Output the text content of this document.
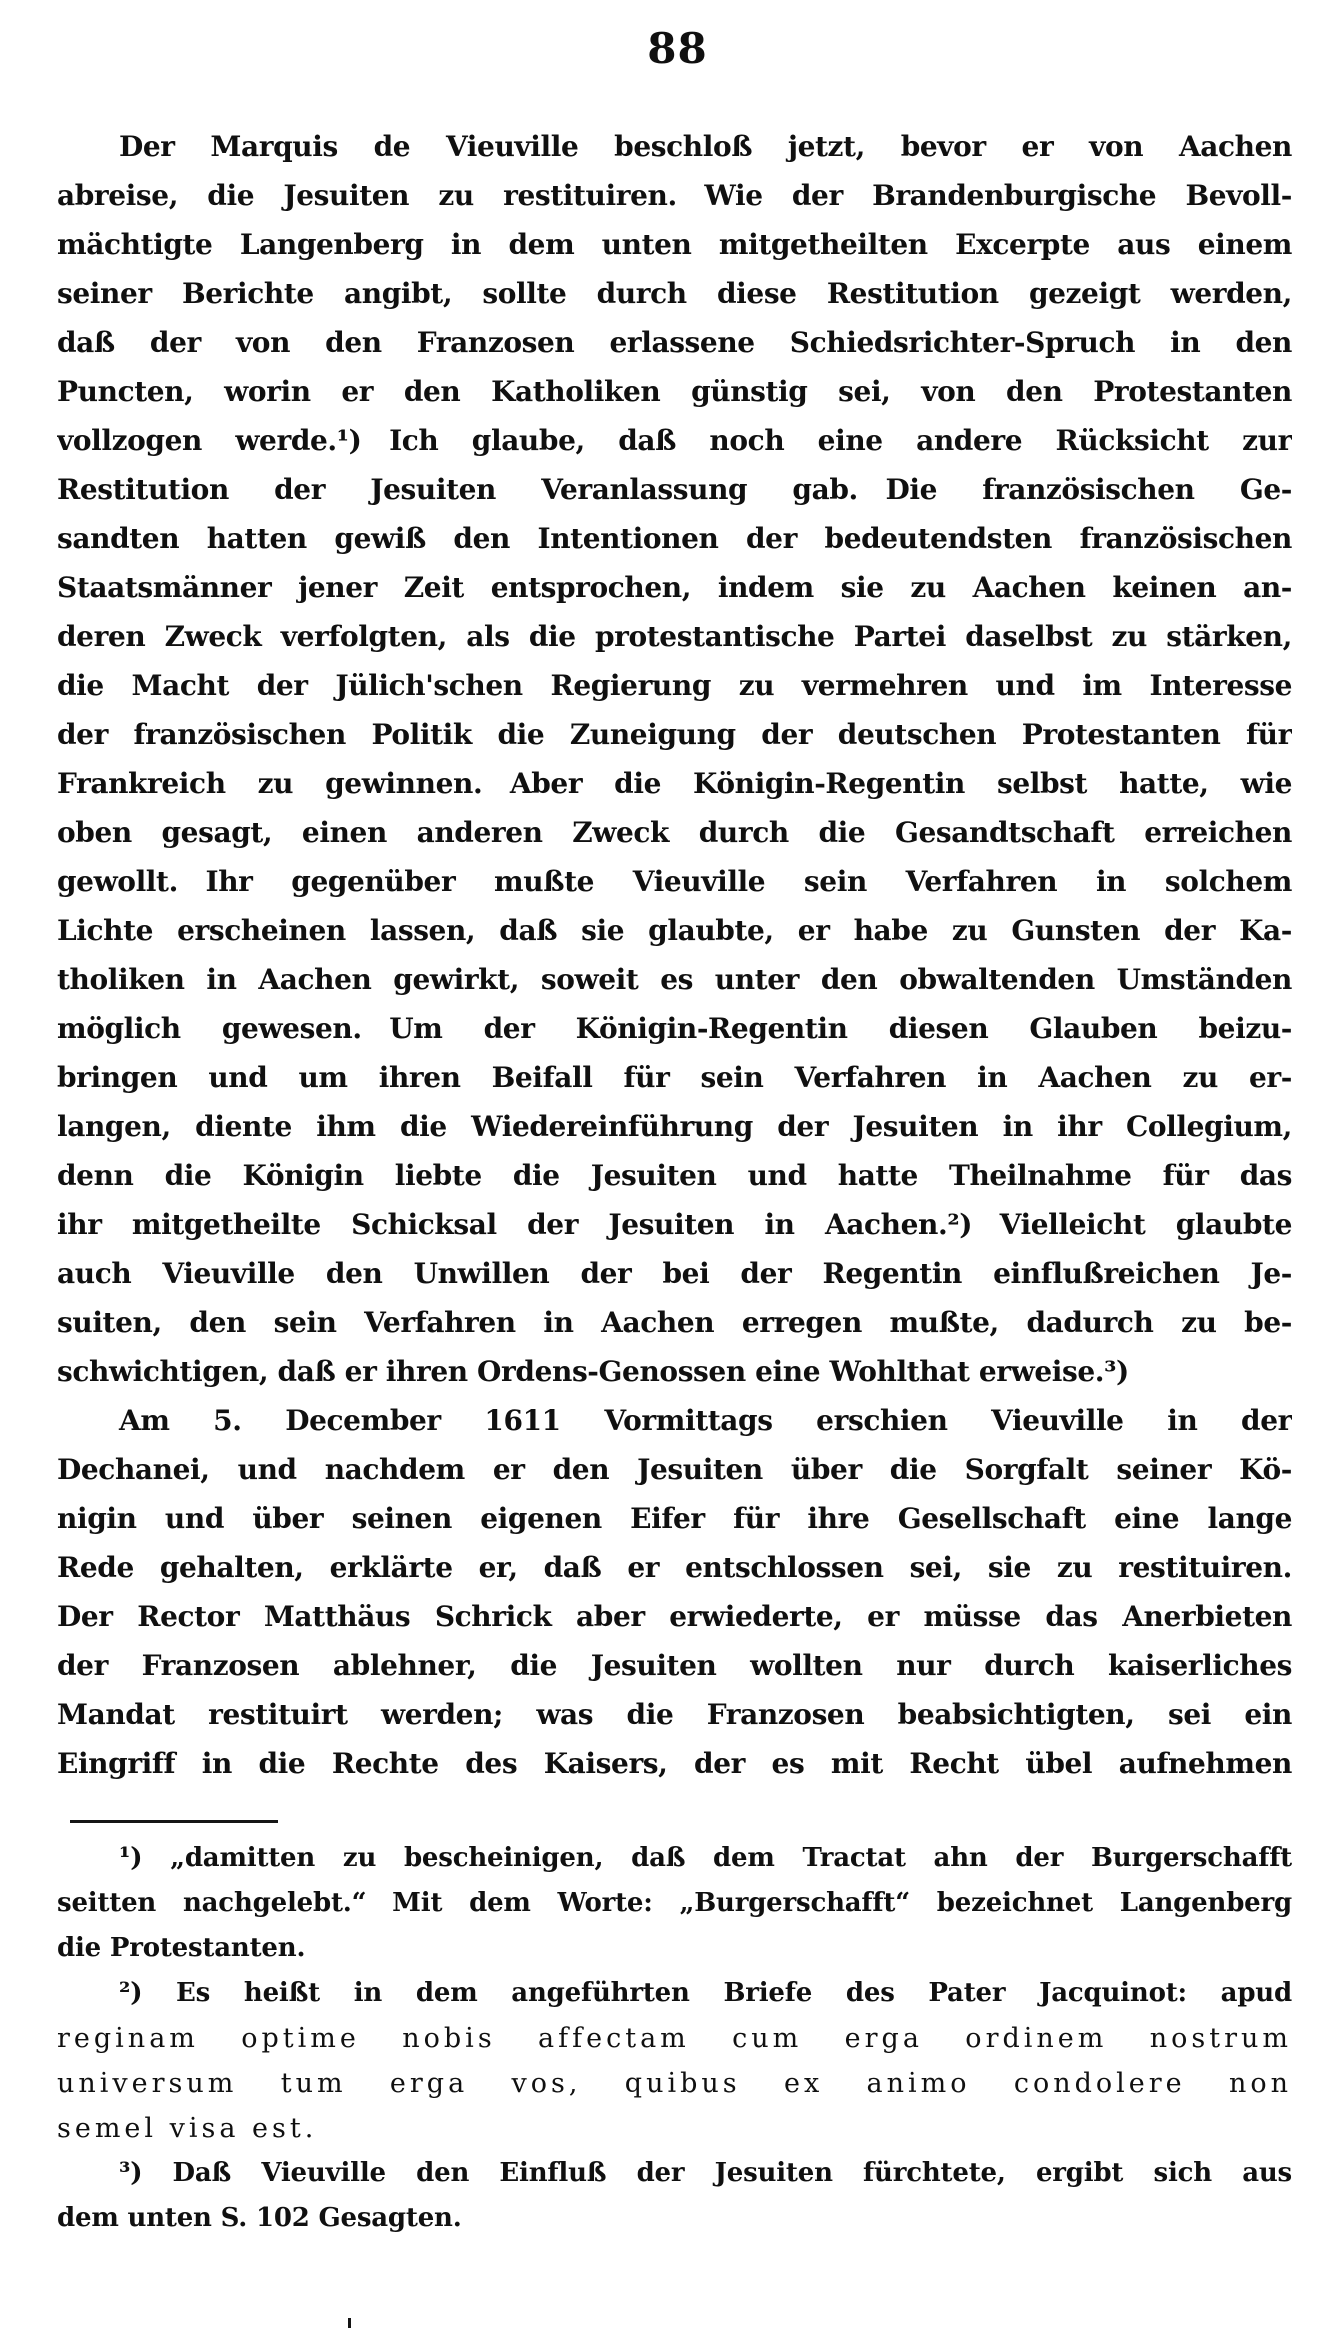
88
Der Marquis de Vieuville beschloß jetzt, bevor er von Aachen
abreise, die Jesuiten zu restituiren. Wie der Brandenburgische Bevoll-
mächtigte Langenberg in dem unten mitgetheilten Excerpte aus einem
seiner Berichte angibt, sollte durch diese Restitution gezeigt werden,
daß der von den Franzosen erlassene Schiedsrichter-Spruch in den
Puncten, worin er den Katholiken günstig sei, von den Protestanten
vollzogen werde.¹) Ich glaube, daß noch eine andere Rücksicht zur
Restitution der Jesuiten Veranlassung gab. Die französischen Ge-
sandten hatten gewiß den Intentionen der bedeutendsten französischen
Staatsmänner jener Zeit entsprochen, indem sie zu Aachen keinen an-
deren Zweck verfolgten, als die protestantische Partei daselbst zu stärken,
die Macht der Jülich'schen Regierung zu vermehren und im Interesse
der französischen Politik die Zuneigung der deutschen Protestanten für
Frankreich zu gewinnen. Aber die Königin-Regentin selbst hatte, wie
oben gesagt, einen anderen Zweck durch die Gesandtschaft erreichen
gewollt. Ihr gegenüber mußte Vieuville sein Verfahren in solchem
Lichte erscheinen lassen, daß sie glaubte, er habe zu Gunsten der Ka-
tholiken in Aachen gewirkt, soweit es unter den obwaltenden Umständen
möglich gewesen. Um der Königin-Regentin diesen Glauben beizu-
bringen und um ihren Beifall für sein Verfahren in Aachen zu er-
langen, diente ihm die Wiedereinführung der Jesuiten in ihr Collegium,
denn die Königin liebte die Jesuiten und hatte Theilnahme für das
ihr mitgetheilte Schicksal der Jesuiten in Aachen.²) Vielleicht glaubte
auch Vieuville den Unwillen der bei der Regentin einflußreichen Je-
suiten, den sein Verfahren in Aachen erregen mußte, dadurch zu be-
schwichtigen, daß er ihren Ordens-Genossen eine Wohlthat erweise.³)
Am 5. December 1611 Vormittags erschien Vieuville in der
Dechanei, und nachdem er den Jesuiten über die Sorgfalt seiner Kö-
nigin und über seinen eigenen Eifer für ihre Gesellschaft eine lange
Rede gehalten, erklärte er, daß er entschlossen sei, sie zu restituiren.
Der Rector Matthäus Schrick aber erwiederte, er müsse das Anerbieten
der Franzosen ablehner, die Jesuiten wollten nur durch kaiserliches
Mandat restituirt werden; was die Franzosen beabsichtigten, sei ein
Eingriff in die Rechte des Kaisers, der es mit Recht übel aufnehmen
¹) „damitten zu bescheinigen, daß dem Tractat ahn der Burgerschafft
seitten nachgelebt.“ Mit dem Worte: „Burgerschafft“ bezeichnet Langenberg
die Protestanten.
²) Es heißt in dem angeführten Briefe des Pater Jacquinot: apud
reginam optime nobis affectam cum erga ordinem nostrum
universum tum erga vos, quibus ex animo condolere non
semel visa est.
³) Daß Vieuville den Einfluß der Jesuiten fürchtete, ergibt sich aus
dem unten S. 102 Gesagten.
